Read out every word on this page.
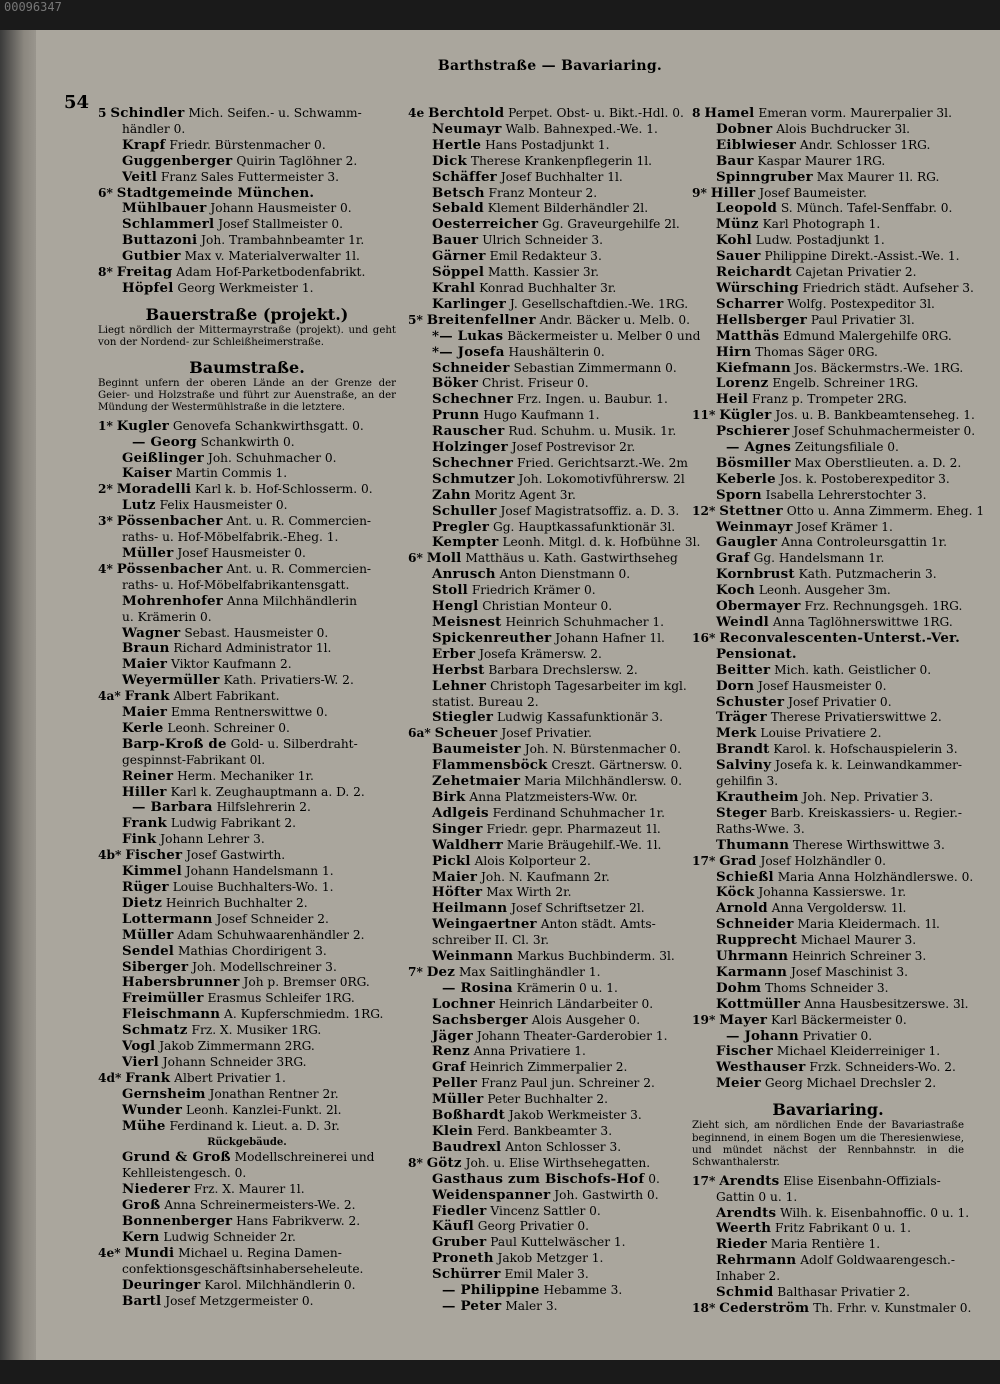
00096347
Barthstraße — Bavariaring.
54 5 Schindler Mich. Seifen.- u. Schwamm-
händler 0.
Krapf Friedr. Bürstenmacher 0.
Guggenberger Quirin Taglöhner 2.
Veitl Franz Sales Futtermeister 3.
6* Stadtgemeinde München.
Mühlbauer Johann Hausmeister 0.
Schlammerl Josef Stallmeister 0.
Buttazoni Joh. Trambahnbeamter 1r.
Gutbier Max v. Materialverwalter 1l.
8* Freitag Adam Hof-Parketbodenfabrikt.
Höpfel Georg Werkmeister 1.
Bauerstraße (projekt.)
Liegt nördlich der Mittermayrstraße (projekt). und geht von der Nordend- zur Schleißheimerstraße.
Baumstraße.
Beginnt unfern der oberen Lände an der Grenze der Geier- und Holzstraße und führt zur Auenstraße, an der Mündung der Westermühlstraße in die letztere.
1* Kugler Genovefa Schankwirthsgatt. 0.
— Georg Schankwirth 0.
Geißlinger Joh. Schuhmacher 0.
Kaiser Martin Commis 1.
2* Moradelli Karl k. b. Hof-Schlosserm. 0.
Lutz Felix Hausmeister 0.
3* Pössenbacher Ant. u. R. Commercien-
raths- u. Hof-Möbelfabrik.-Eheg. 1.
Müller Josef Hausmeister 0.
4* Pössenbacher Ant. u. R. Commercien-
raths- u. Hof-Möbelfabrikantensgatt.
Mohrenhofer Anna Milchhändlerin
u. Krämerin 0.
Wagner Sebast. Hausmeister 0.
Braun Richard Administrator 1l.
Maier Viktor Kaufmann 2.
Weyermüller Kath. Privatiers-W. 2.
4a* Frank Albert Fabrikant.
Maier Emma Rentnerswittwe 0.
Kerle Leonh. Schreiner 0.
Barp-Kroß de Gold- u. Silberdraht-
gespinnst-Fabrikant 0l.
Reiner Herm. Mechaniker 1r.
Hiller Karl k. Zeughauptmann a. D. 2.
— Barbara Hilfslehrerin 2.
Frank Ludwig Fabrikant 2.
Fink Johann Lehrer 3.
4b* Fischer Josef Gastwirth.
Kimmel Johann Handelsmann 1.
Rüger Louise Buchhalters-Wo. 1.
Dietz Heinrich Buchhalter 2.
Lottermann Josef Schneider 2.
Müller Adam Schuhwaarenhändler 2.
Sendel Mathias Chordirigent 3.
Siberger Joh. Modellschreiner 3.
Habersbrunner Joh p. Bremser 0RG.
Freimüller Erasmus Schleifer 1RG.
Fleischmann A. Kupferschmiedm. 1RG.
Schmatz Frz. X. Musiker 1RG.
Vogl Jakob Zimmermann 2RG.
Vierl Johann Schneider 3RG.
4d* Frank Albert Privatier 1.
Gernsheim Jonathan Rentner 2r.
Wunder Leonh. Kanzlei-Funkt. 2l.
Mühe Ferdinand k. Lieut. a. D. 3r.
Rückgebäude.
Grund & Groß Modellschreinerei und
Kehlleistengesch. 0.
Niederer Frz. X. Maurer 1l.
Groß Anna Schreinermeisters-We. 2.
Bonnenberger Hans Fabrikverw. 2.
Kern Ludwig Schneider 2r.
4e* Mundi Michael u. Regina Damen-
confektionsgeschäftsinhaberseheleute.
Deuringer Karol. Milchhändlerin 0.
Bartl Josef Metzgermeister 0.
4e Berchtold Perpet. Obst- u. Bikt.-Hdl. 0.
Neumayr Walb. Bahnexped.-We. 1.
Hertle Hans Postadjunkt 1.
Dick Therese Krankenpflegerin 1l.
Schäffer Josef Buchhalter 1l.
Betsch Franz Monteur 2.
Sebald Klement Bilderhändler 2l.
Oesterreicher Gg. Graveurgehilfe 2l.
Bauer Ulrich Schneider 3.
Gärner Emil Redakteur 3.
Söppel Matth. Kassier 3r.
Krahl Konrad Buchhalter 3r.
Karlinger J. Gesellschaftdien.-We. 1RG.
5* Breitenfellner Andr. Bäcker u. Melb. 0.
*— Lukas Bäckermeister u. Melber 0 und
*— Josefa Haushälterin 0.
Schneider Sebastian Zimmermann 0.
Böker Christ. Friseur 0.
Schechner Frz. Ingen. u. Baubur. 1.
Prunn Hugo Kaufmann 1.
Rauscher Rud. Schuhm. u. Musik. 1r.
Holzinger Josef Postrevisor 2r.
Schechner Fried. Gerichtsarzt.-We. 2m
Schmutzer Joh. Lokomotivführersw. 2l
Zahn Moritz Agent 3r.
Schuller Josef Magistratsoffiz. a. D. 3.
Pregler Gg. Hauptkassafunktionär 3l.
Kempter Leonh. Mitgl. d. k. Hofbühne 3l.
6* Moll Matthäus u. Kath. Gastwirthseheg
Anrusch Anton Dienstmann 0.
Stoll Friedrich Krämer 0.
Hengl Christian Monteur 0.
Meisnest Heinrich Schuhmacher 1.
Spickenreuther Johann Hafner 1l.
Erber Josefa Krämersw. 2.
Herbst Barbara Drechslersw. 2.
Lehner Christoph Tagesarbeiter im kgl.
statist. Bureau 2.
Stiegler Ludwig Kassafunktionär 3.
6a* Scheuer Josef Privatier.
Baumeister Joh. N. Bürstenmacher 0.
Flammensböck Creszt. Gärtnersw. 0.
Zehetmaier Maria Milchhändlersw. 0.
Birk Anna Platzmeisters-Ww. 0r.
Adlgeis Ferdinand Schuhmacher 1r.
Singer Friedr. gepr. Pharmazeut 1l.
Waldherr Marie Bräugehilf.-We. 1l.
Pickl Alois Kolporteur 2.
Maier Joh. N. Kaufmann 2r.
Höfter Max Wirth 2r.
Heilmann Josef Schriftsetzer 2l.
Weingaertner Anton städt. Amts-
schreiber II. Cl. 3r.
Weinmann Markus Buchbinderm. 3l.
7* Dez Max Saitlinghändler 1.
— Rosina Krämerin 0 u. 1.
Lochner Heinrich Ländarbeiter 0.
Sachsberger Alois Ausgeher 0.
Jäger Johann Theater-Garderobier 1.
Renz Anna Privatiere 1.
Graf Heinrich Zimmerpalier 2.
Peller Franz Paul jun. Schreiner 2.
Müller Peter Buchhalter 2.
Boßhardt Jakob Werkmeister 3.
Klein Ferd. Bankbeamter 3.
Baudrexl Anton Schlosser 3.
8* Götz Joh. u. Elise Wirthsehegatten.
Gasthaus zum Bischofs-Hof 0.
Weidenspanner Joh. Gastwirth 0.
Fiedler Vincenz Sattler 0.
Käufl Georg Privatier 0.
Gruber Paul Kuttelwäscher 1.
Proneth Jakob Metzger 1.
Schürrer Emil Maler 3.
— Philippine Hebamme 3.
— Peter Maler 3.
8 Hamel Emeran vorm. Maurerpalier 3l.
Dobner Alois Buchdrucker 3l.
Eiblwieser Andr. Schlosser 1RG.
Baur Kaspar Maurer 1RG.
Spinngruber Max Maurer 1l. RG.
9* Hiller Josef Baumeister.
Leopold S. Münch. Tafel-Senffabr. 0.
Münz Karl Photograph 1.
Kohl Ludw. Postadjunkt 1.
Sauer Philippine Direkt.-Assist.-We. 1.
Reichardt Cajetan Privatier 2.
Würsching Friedrich städt. Aufseher 3.
Scharrer Wolfg. Postexpeditor 3l.
Hellsberger Paul Privatier 3l.
Matthäs Edmund Malergehilfe 0RG.
Hirn Thomas Säger 0RG.
Kiefmann Jos. Bäckermstrs.-We. 1RG.
Lorenz Engelb. Schreiner 1RG.
Heil Franz p. Trompeter 2RG.
11* Kügler Jos. u. B. Bankbeamtenseheg. 1.
Pschierer Josef Schuhmachermeister 0.
— Agnes Zeitungsfiliale 0.
Bösmiller Max Oberstlieuten. a. D. 2.
Keberle Jos. k. Postoberexpeditor 3.
Sporn Isabella Lehrerstochter 3.
12* Stettner Otto u. Anna Zimmerm. Eheg. 1
Weinmayr Josef Krämer 1.
Gaugler Anna Controleursgattin 1r.
Graf Gg. Handelsmann 1r.
Kornbrust Kath. Putzmacherin 3.
Koch Leonh. Ausgeher 3m.
Obermayer Frz. Rechnungsgeh. 1RG.
Weindl Anna Taglöhnerswittwe 1RG.
16* Reconvalescenten-Unterst.-Ver.
Pensionat.
Beitter Mich. kath. Geistlicher 0.
Dorn Josef Hausmeister 0.
Schuster Josef Privatier 0.
Träger Therese Privatierswittwe 2.
Merk Louise Privatiere 2.
Brandt Karol. k. Hofschauspielerin 3.
Salviny Josefa k. k. Leinwandkammer-
gehilfin 3.
Krautheim Joh. Nep. Privatier 3.
Steger Barb. Kreiskassiers- u. Regier.-
Raths-Wwe. 3.
Thumann Therese Wirthswittwe 3.
17* Grad Josef Holzhändler 0.
Schießl Maria Anna Holzhändlerswe. 0.
Köck Johanna Kassierswe. 1r.
Arnold Anna Vergoldersw. 1l.
Schneider Maria Kleidermach. 1l.
Rupprecht Michael Maurer 3.
Uhrmann Heinrich Schreiner 3.
Karmann Josef Maschinist 3.
Dohm Thoms Schneider 3.
Kottmüller Anna Hausbesitzerswe. 3l.
19* Mayer Karl Bäckermeister 0.
— Johann Privatier 0.
Fischer Michael Kleiderreiniger 1.
Westhauser Frzk. Schneiders-Wo. 2.
Meier Georg Michael Drechsler 2.
Bavariaring.
Zieht sich, am nördlichen Ende der Bavariastraße beginnend, in einem Bogen um die Theresienwiese, und mündet nächst der Rennbahnstr. in die Schwanthalerstr.
17* Arendts Elise Eisenbahn-Offizials-
Gattin 0 u. 1.
Arendts Wilh. k. Eisenbahnoffic. 0 u. 1.
Weerth Fritz Fabrikant 0 u. 1.
Rieder Maria Rentière 1.
Rehrmann Adolf Goldwaarengesch.-
Inhaber 2.
Schmid Balthasar Privatier 2.
18* Cederström Th. Frhr. v. Kunstmaler 0.
